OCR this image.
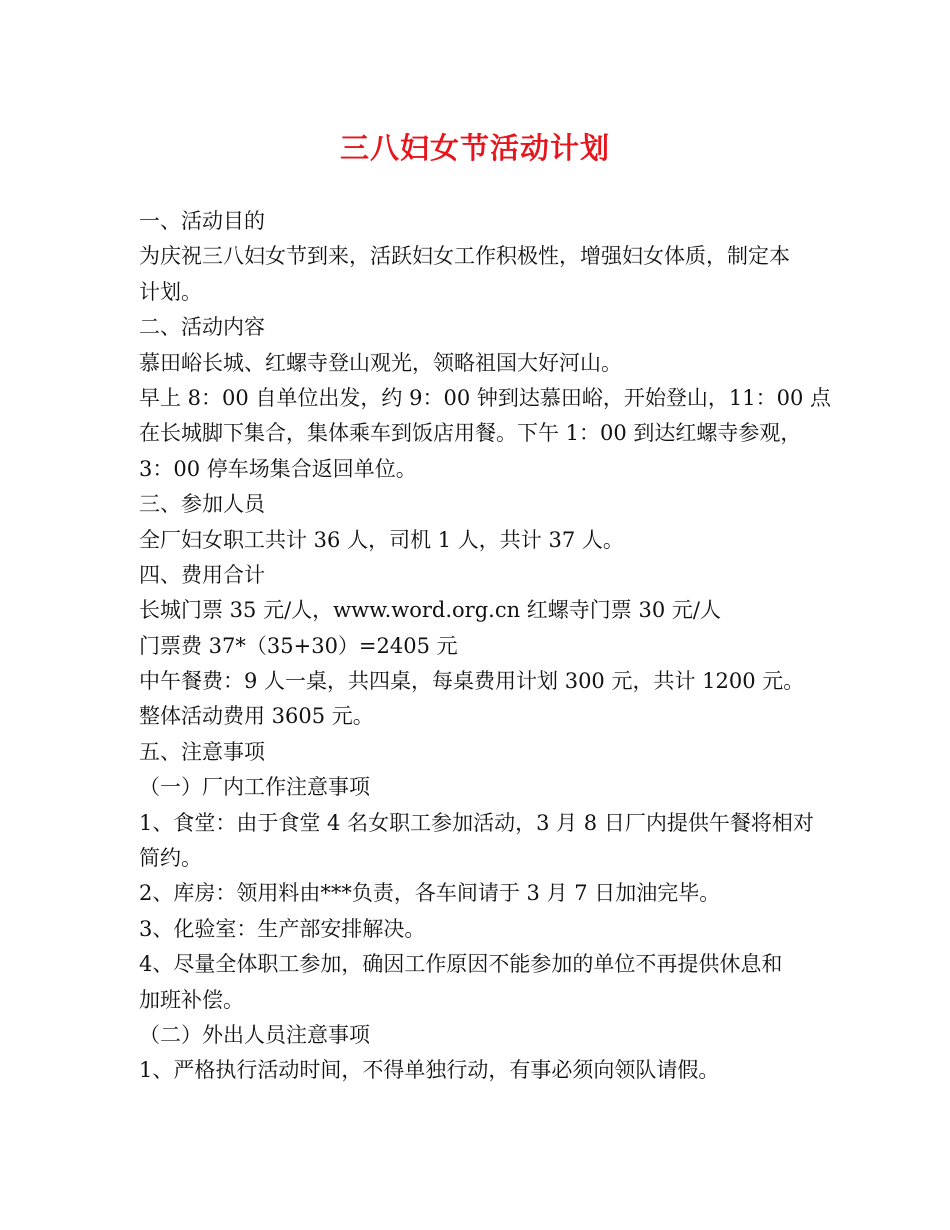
三八妇女节活动计划
一、活动目的
为庆祝三八妇女节到来，活跃妇女工作积极性，增强妇女体质，制定本
计划。
二、活动内容
慕田峪长城、红螺寺登山观光，领略祖国大好河山。
早上 8：00 自单位出发，约 9：00 钟到达慕田峪，开始登山，11：00 点
在长城脚下集合，集体乘车到饭店用餐。下午 1：00 到达红螺寺参观，
3：00 停车场集合返回单位。
三、参加人员
全厂妇女职工共计 36 人，司机 1 人，共计 37 人。
四、费用合计
长城门票 35 元/人，www.word.org.cn 红螺寺门票 30 元/人
门票费 37*（35+30）=2405 元
中午餐费：9 人一桌，共四桌，每桌费用计划 300 元，共计 1200 元。
整体活动费用 3605 元。
五、注意事项
（一）厂内工作注意事项
1、食堂：由于食堂 4 名女职工参加活动，3 月 8 日厂内提供午餐将相对
简约。
2、库房：领用料由***负责，各车间请于 3 月 7 日加油完毕。
3、化验室：生产部安排解决。
4、尽量全体职工参加，确因工作原因不能参加的单位不再提供休息和
加班补偿。
（二）外出人员注意事项
1、严格执行活动时间，不得单独行动，有事必须向领队请假。
